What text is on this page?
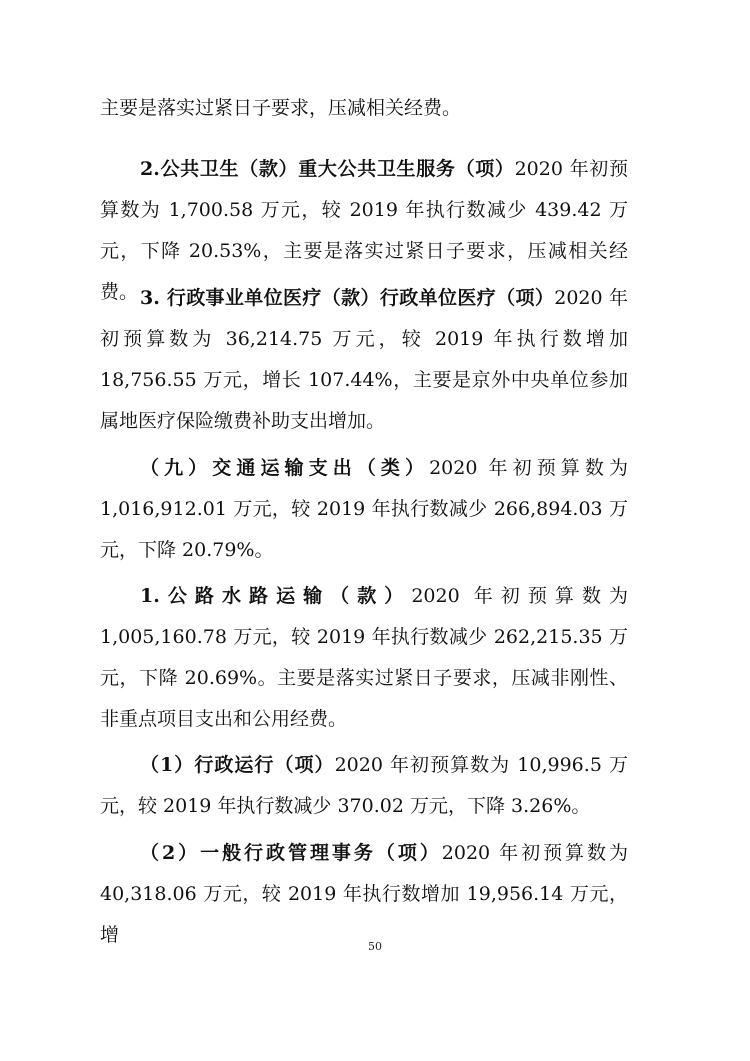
主要是落实过紧日子要求，压减相关经费。

2.公共卫生（款）重大公共卫生服务（项）2020 年初预算数为 1,700.58 万元，较 2019 年执行数减少 439.42 万元，下降 20.53%，主要是落实过紧日子要求，压减相关经费。 3. 行政事业单位医疗（款）行政单位医疗（项）2020 年初预算数为 36,214.75 万元，较 2019 年执行数增加 18,756.55 万元，增长 107.44%，主要是京外中央单位参加属地医疗保险缴费补助支出增加。

（九）交通运输支出（类）2020 年初预算数为 1,016,912.01 万元，较 2019 年执行数减少 266,894.03 万元，下降 20.79%。

1.公路水路运输（款）2020 年初预算数为 1,005,160.78 万元，较 2019 年执行数减少 262,215.35 万元，下降 20.69%。主要是落实过紧日子要求，压减非刚性、非重点项目支出和公用经费。

（1）行政运行（项）2020 年初预算数为 10,996.5 万元，较 2019 年执行数减少 370.02 万元，下降 3.26%。

（2）一般行政管理事务（项）2020 年初预算数为 40,318.06 万元，较 2019 年执行数增加 19,956.14 万元，增

50
